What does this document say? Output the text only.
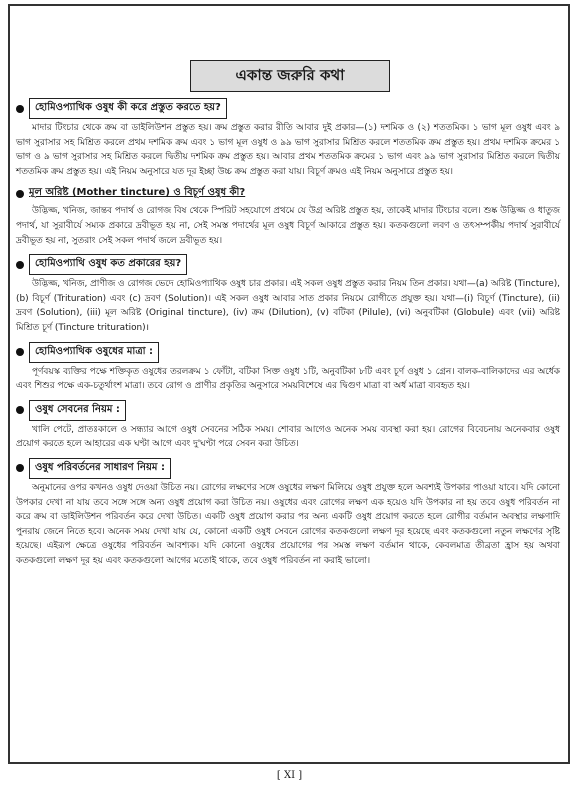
একান্ত জরুরি কথা
হোমিওপ্যাথিক ওষুধ কী করে প্রস্তুত করতে হয়?
মাদার টিংচার থেকে ক্রম বা ডাইলিউশন প্রস্তুত হয়। ক্রম প্রস্তুত করার রীতি আবার দুই প্রকার—(১) দশমিক ও (২) শততমিক। ১ ভাগ মূল ওষুধ এবং ৯ ভাগ সুরাসার সহ মিশ্রিত করলে প্রথম দশমিক ক্রম এবং ১ ভাগ মূল ওষুধ ও ৯৯ ভাগ সুরাসার মিশ্রিত করলে শততমিক ক্রম প্রস্তুত হয়। প্রথম দশমিক ক্রমের ১ ভাগ ও ৯ ভাগ সুরাসার সহ মিশ্রিত করলে দ্বিতীয় দশমিক ক্রম প্রস্তুত হয়। আবার প্রথম শততমিক ক্রমের ১ ভাগ এবং ৯৯ ভাগ সুরাসার মিশ্রিত করলে দ্বিতীয় শততমিক ক্রম প্রস্তুত হয়। এই নিয়ম অনুসারে যত দূর ইচ্ছা উচ্চ ক্রম প্রস্তুত করা যায়। বিচূর্ণ ক্রমও এই নিয়ম অনুসারে প্রস্তুত হয়।
মূল অরিষ্ট (Mother tincture) ও বিচূর্ণ ওষুধ কী?
উদ্ভিজ্জ, খনিজ, জান্তব পদার্থ ও রোগজ বিষ থেকে স্পিরিট সহযোগে প্রথমে যে উগ্র অরিষ্ট প্রস্তুত হয়, তাকেই মাদার টিংচার বলে। শুষ্ক উদ্ভিজ্জ ও ধাতুজ পদার্থ, যা সুরাবীর্যে সম্যক প্রকারে দ্রবীভূত হয় না, সেই সমস্ত পদার্থের মূল ওষুধ বিচূর্ণ আকারে প্রস্তুত হয়। কতকগুলো লবণ ও তৎসম্পর্কীয় পদার্থ সুরাবীর্যে দ্রবীভূত হয় না, সুতরাং সেই সকল পদার্থ জলে দ্রবীভূত হয়।
হোমিওপ্যাথি ওষুধ কত প্রকারের হয়?
উদ্ভিজ্জ, খনিজ, প্রাণীজ ও রোগজ ভেদে হোমিওপ্যাথিক ওষুধ চার প্রকার। এই সকল ওষুধ প্রস্তুত করার নিয়ম তিন প্রকার। যথা—(a) অরিষ্ট (Tincture), (b) বিচূর্ণ (Trituration) এবং (c) দ্রবণ (Solution)। এই সকল ওষুধ আবার সাত প্রকার নিয়মে রোগীতে প্রযুক্ত হয়। যথা—(i) বিচূর্ণ (Tincture), (ii) দ্রবণ (Solution), (iii) মূল অরিষ্ট (Original tincture), (iv) ক্রম (Dilution), (v) বটিকা (Pilule), (vi) অনুবটিকা (Globule) এবং (vii) অরিষ্ট মিশ্রিত চূর্ণ (Tincture trituration)।
হোমিওপ্যাথিক ওষুধের মাত্রা :
পূর্ণবয়স্ক ব্যক্তির পক্ষে শক্তিকৃত ওষুধের তরলক্রম ১ ফোঁটা, বটিকা সিক্ত ওষুধ ১টি, অনুবটিকা ৮টি এবং চূর্ণ ওষুধ ১ গ্রেন। বালক-বালিকাদের এর অর্ধেক এবং শিশুর পক্ষে এক-চতুর্থাংশ মাত্রা। তবে রোগ ও প্রাণীর প্রকৃতির অনুসারে সময়বিশেষে এর দ্বিগুণ মাত্রা বা অর্ধ মাত্রা ব্যবহৃত হয়।
ওষুধ সেবনের নিয়ম :
খালি পেটে, প্রাতঃকালে ও সন্ধ্যার আগে ওষুধ সেবনের সঠিক সময়। শোবার আগেও অনেক সময় ব্যবস্থা করা হয়। রোগের বিবেচনায় অনেকবার ওষুধ প্রয়োগ করতে হলে আহারের এক ঘণ্টা আগে এবং দু'ঘণ্টা পরে সেবন করা উচিত।
ওষুধ পরিবর্তনের সাধারণ নিয়ম :
অনুমানের ওপর কখনও ওষুধ দেওয়া উচিত নয়। রোগের লক্ষণের সঙ্গে ওষুধের লক্ষণ মিলিয়ে ওষুধ প্রযুক্ত হলে অবশ্যই উপকার পাওয়া যাবে। যদি কোনো উপকার দেখা না যায় তবে সঙ্গে সঙ্গে অন্য ওষুধ প্রয়োগ করা উচিত নয়। ওষুধের এবং রোগের লক্ষণ এক হয়েও যদি উপকার না হয় তবে ওষুধ পরিবর্তন না করে ক্রম বা ডাইলিউশন পরিবর্তন করে দেখা উচিত। একটি ওষুধ প্রয়োগ করার পর অন্য একটি ওষুধ প্রয়োগ করতে হলে রোগীর বর্তমান অবস্থার লক্ষণাদি পুনরায় জেনে নিতে হবে। অনেক সময় দেখা যায় যে, কোনো একটি ওষুধ সেবনে রোগের কতকগুলো লক্ষণ দূর হয়েছে এবং কতকগুলো নতুন লক্ষণের সৃষ্টি হয়েছে। এইরূপ ক্ষেত্রে ওষুধের পরিবর্তন আবশ্যক। যদি কোনো ওষুধের প্রয়োগের পর সমস্ত লক্ষণ বর্তমান থাকে, কেবলমাত্র তীব্রতা হ্রাস হয় অথবা কতকগুলো লক্ষণ দূর হয় এবং কতকগুলো আগের মতোই থাকে, তবে ওষুধ পরিবর্তন না করাই ভালো।
[ XI ]
